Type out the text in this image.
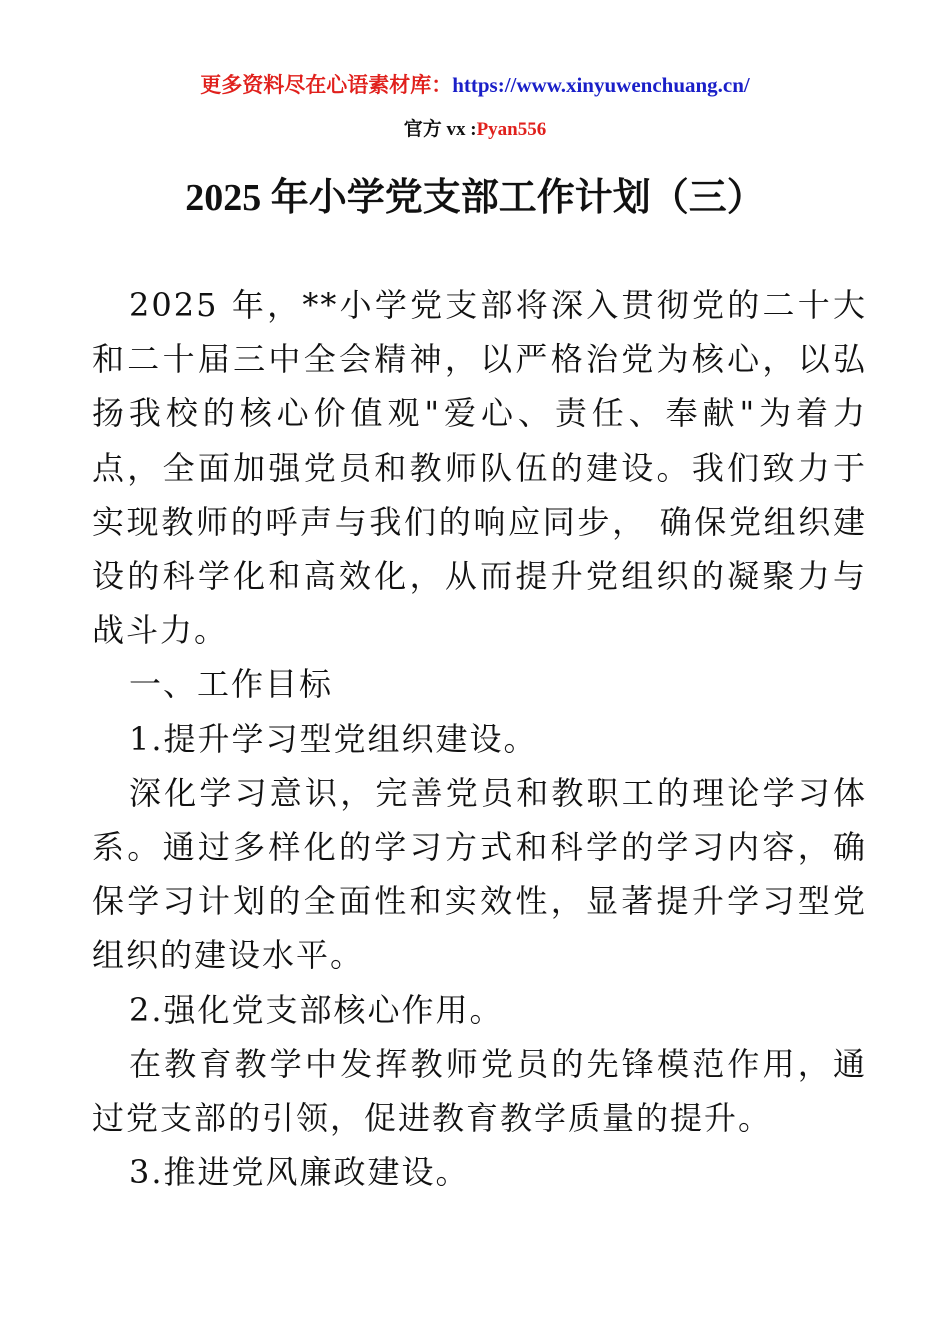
更多资料尽在心语素材库：https://www.xinyuwenchuang.cn/
官方 vx :Pyan556
2025 年小学党支部工作计划（三）

2025 年，**小学党支部将深入贯彻党的二十大和二十届三中全会精神，以严格治党为核心，以弘扬我校的核心价值观"爱心、责任、奉献"为着力点，全面加强党员和教师队伍的建设。我们致力于实现教师的呼声与我们的响应同步， 确保党组织建设的科学化和高效化，从而提升党组织的凝聚力与战斗力。

一、工作目标

1.提升学习型党组织建设。

深化学习意识，完善党员和教职工的理论学习体系。通过多样化的学习方式和科学的学习内容，确保学习计划的全面性和实效性，显著提升学习型党组织的建设水平。

2.强化党支部核心作用。

在教育教学中发挥教师党员的先锋模范作用，通过党支部的引领，促进教育教学质量的提升。

3.推进党风廉政建设。
